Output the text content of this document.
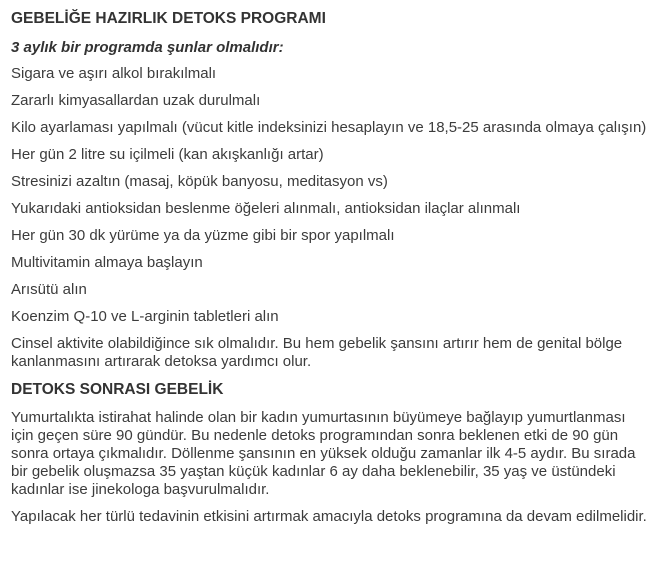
GEBELİĞE HAZIRLIK DETOKS PROGRAMI

3 aylık bir programda şunlar olmalıdır:

Sigara ve aşırı alkol bırakılmalı
Zararlı kimyasallardan uzak durulmalı
Kilo ayarlaması yapılmalı (vücut kitle indeksinizi hesaplayın ve 18,5-25 arasında olmaya çalışın)
Her gün 2 litre su içilmeli (kan akışkanlığı artar)
Stresinizi azaltın (masaj, köpük banyosu, meditasyon vs)
Yukarıdaki antioksidan beslenme öğeleri alınmalı, antioksidan ilaçlar alınmalı
Her gün 30 dk yürüme ya da yüzme gibi bir spor yapılmalı
Multivitamin almaya başlayın
Arısütü alın
Koenzim Q-10 ve L-arginin tabletleri alın
Cinsel aktivite olabildiğince sık olmalıdır. Bu hem gebelik şansını artırır hem de genital bölge kanlanmasını artırarak detoksa yardımcı olur.
DETOKS SONRASI GEBELİK

Yumurtalıkta istirahat halinde olan bir kadın yumurtasının büyümeye bağlayıp yumurtlanması için geçen süre 90 gündür. Bu nedenle detoks programından sonra beklenen etki de 90 gün sonra ortaya çıkmalıdır. Döllenme şansının en yüksek olduğu zamanlar ilk 4-5 aydır. Bu sırada bir gebelik oluşmazsa 35 yaştan küçük kadınlar 6 ay daha beklenebilir, 35 yaş ve üstündeki kadınlar ise jinekologa başvurulmalıdır.

Yapılacak her türlü tedavinin etkisini artırmak amacıyla detoks programına da devam edilmelidir.
